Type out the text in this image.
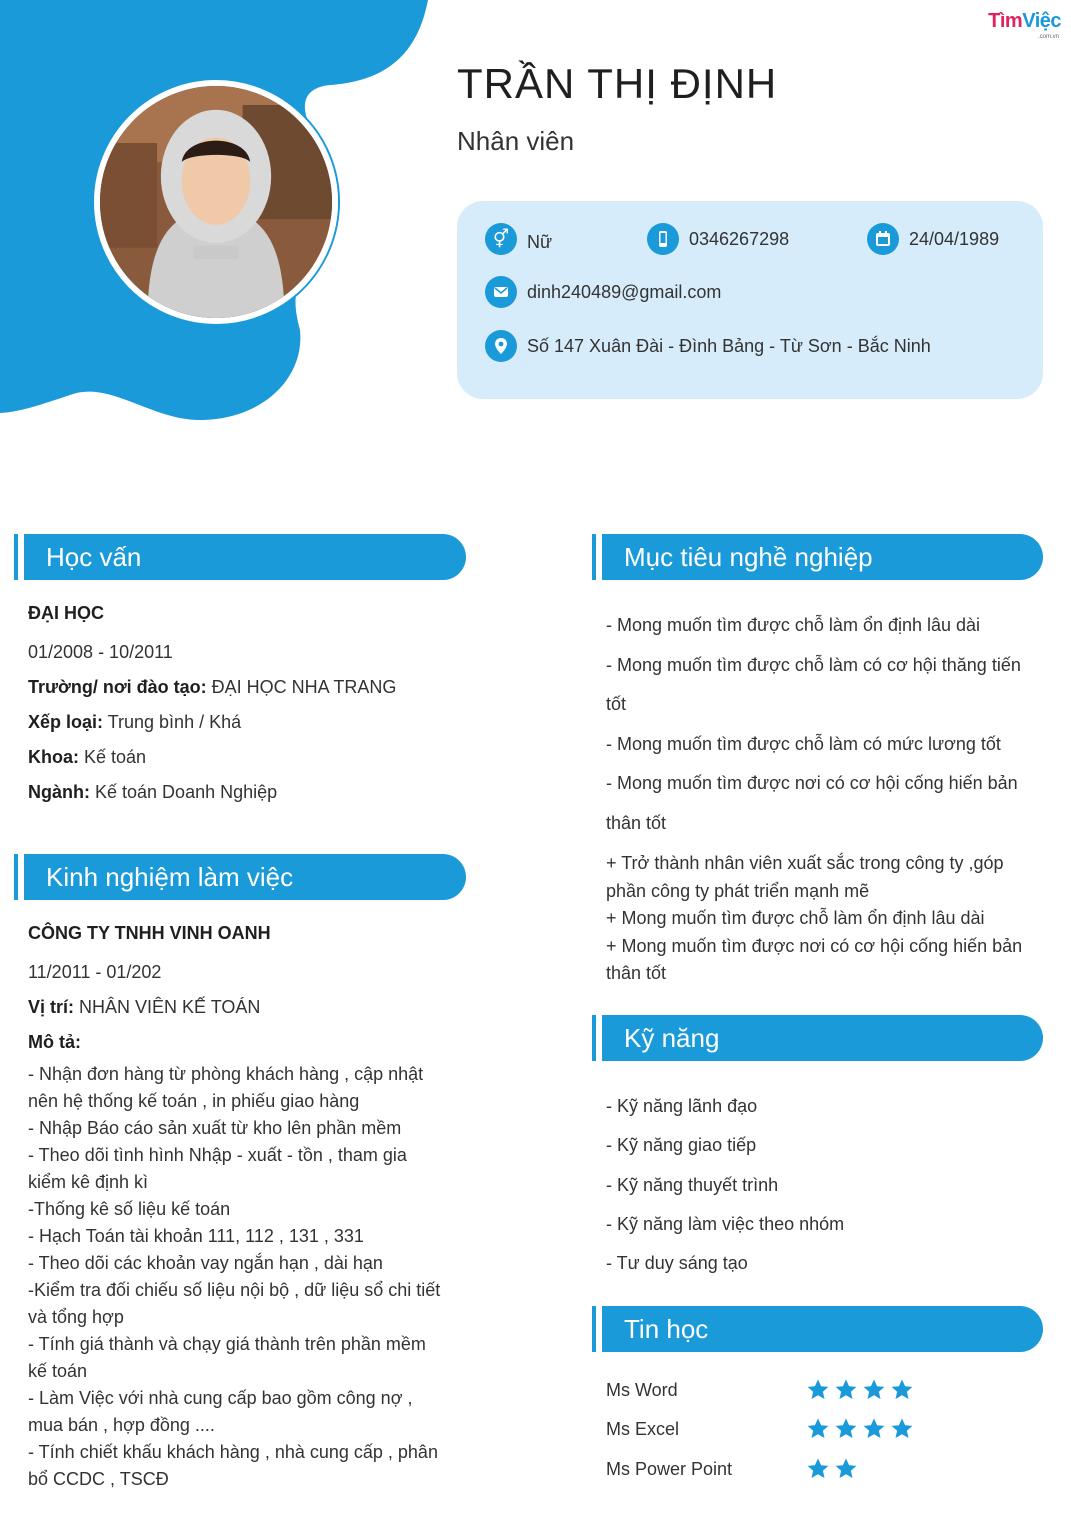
TìmViệc
.com.vn
TRẦN THỊ ĐỊNH
Nhân viên
⚥ Nữ	0346267298	24/04/1989
dinh240489@gmail.com
Số 147 Xuân Đài - Đình Bảng - Từ Sơn - Bắc Ninh
Học vấn
ĐẠI HỌC
01/2008 - 10/2011
Trường/ nơi đào tạo: ĐẠI HỌC NHA TRANG
Xếp loại: Trung bình / Khá
Khoa: Kế toán
Ngành: Kế toán Doanh Nghiệp
Kinh nghiệm làm việc
CÔNG TY TNHH VINH OANH
11/2011 - 01/202
Vị trí: NHÂN VIÊN KẾ TOÁN
Mô tả:
- Nhận đơn hàng từ phòng khách hàng , cập nhật
nên hệ thống kế toán , in phiếu giao hàng
- Nhập Báo cáo sản xuất từ kho lên phần mềm
- Theo dõi tình hình Nhập - xuất - tồn , tham gia
kiểm kê định kì
-Thống kê số liệu kế toán
- Hạch Toán tài khoản 111, 112 , 131 , 331
- Theo dõi các khoản vay ngắn hạn , dài hạn
-Kiểm tra đối chiếu số liệu nội bộ , dữ liệu sổ chi tiết
và tổng hợp
- Tính giá thành và chạy giá thành trên phần mềm
kế toán
- Làm Việc với nhà cung cấp bao gồm công nợ ,
mua bán , hợp đồng ....
- Tính chiết khấu khách hàng , nhà cung cấp , phân
bổ CCDC , TSCĐ
Mục tiêu nghề nghiệp
- Mong muốn tìm được chỗ làm ổn định lâu dài
- Mong muốn tìm được chỗ làm có cơ hội thăng tiến
tốt
- Mong muốn tìm được chỗ làm có mức lương tốt
- Mong muốn tìm được nơi có cơ hội cống hiến bản
thân tốt
+ Trở thành nhân viên xuất sắc trong công ty ,góp
phần công ty phát triển mạnh mẽ
+ Mong muốn tìm được chỗ làm ổn định lâu dài
+ Mong muốn tìm được nơi có cơ hội cống hiến bản
thân tốt
Kỹ năng
- Kỹ năng lãnh đạo
- Kỹ năng giao tiếp
- Kỹ năng thuyết trình
- Kỹ năng làm việc theo nhóm
- Tư duy sáng tạo
Tin học
Ms Word
Ms Excel
Ms Power Point
